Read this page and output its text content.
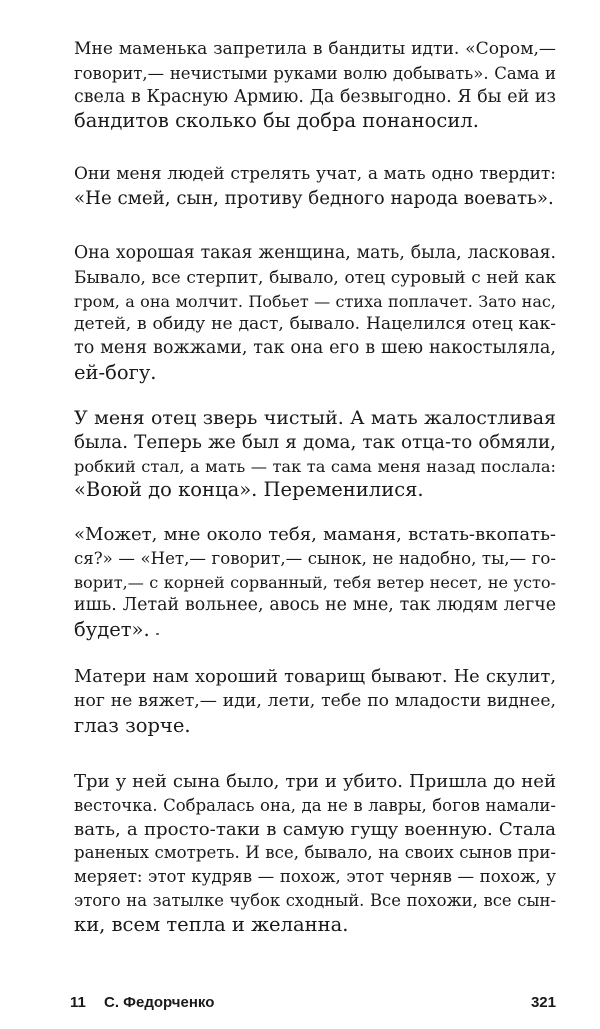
Мне маменька запретила в бандиты идти. «Сором,—
говорит,— нечистыми руками волю добывать». Сама и
свела в Красную Армию. Да безвыгодно. Я бы ей из
бандитов сколько бы добра понаносил.

Они меня людей стрелять учат, а мать одно твердит:
«Не смей, сын, противу бедного народа воевать».

Она хорошая такая женщина, мать, была, ласковая.
Бывало, все стерпит, бывало, отец суровый с ней как
гром, а она молчит. Побьет — стиха поплачет. Зато нас,
детей, в обиду не даст, бывало. Нацелился отец как-
то меня вожжами, так она его в шею накостыляла,
ей-богу.

У меня отец зверь чистый. А мать жалостливая
была. Теперь же был я дома, так отца-то обмяли,
робкий стал, а мать — так та сама меня назад послала:
«Воюй до конца». Переменилися.

«Может, мне около тебя, маманя, встать-вкопать-
ся?» — «Нет,— говорит,— сынок, не надобно, ты,— го-
ворит,— с корней сорванный, тебя ветер несет, не усто-
ишь. Летай вольнее, авось не мне, так людям легче
будет».

Матери нам хороший товарищ бывают. Не скулит,
ног не вяжет,— иди, лети, тебе по младости виднее,
глаз зорче.

Три у ней сына было, три и убито. Пришла до ней
весточка. Собралась она, да не в лавры, богов намали-
вать, а просто-таки в самую гущу военную. Стала
раненых смотреть. И все, бывало, на своих сынов при-
меряет: этот кудряв — похож, этот черняв — похож, у
этого на затылке чубок сходный. Все похожи, все сын-
ки, всем тепла и желанна.

11 С. Федорченко	321
